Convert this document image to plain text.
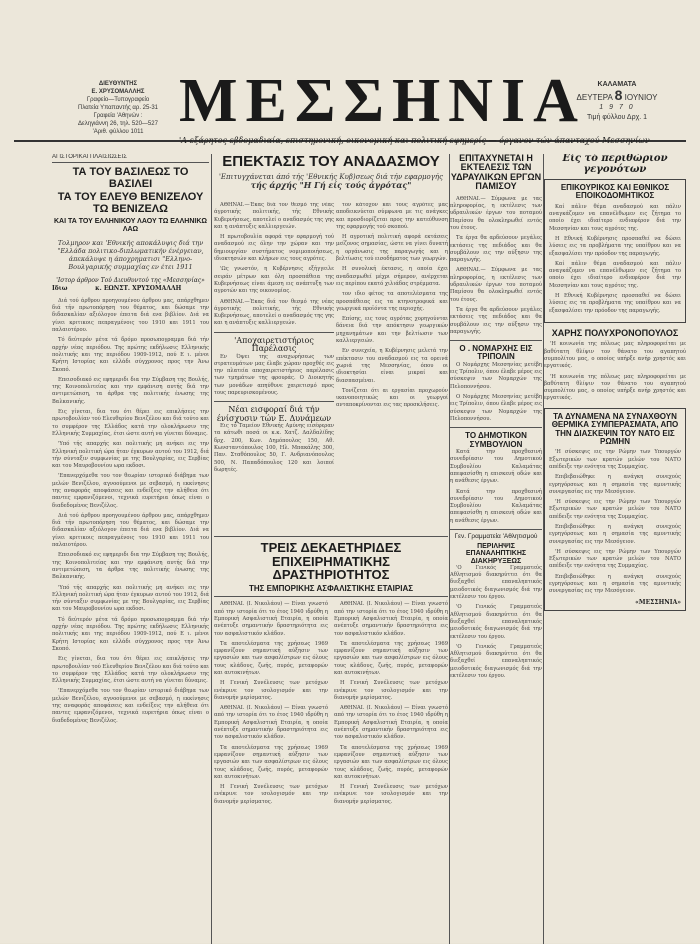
ΔΙΕΥΘΥΝΤΗΣ
Ε. ΧΡΥΣΟΜΑΛΛΗΣ
Γραφείο—Τυπογραφείο
Πλατεία Υπαπαντής αρ. 25-31
Γραφεία 'Αθηνών :
Δεληγιάννη 26, τηλ. 520—527
'Αριθ. φύλλου 1011 ΜΕΣΣΗΝΙΑ	ΚΑΛΑΜΑΤΑ
ΔΕΥΤΕΡΑ 8 ΙΟΥΝΙΟΥ
1 9 7 0
Τιμή φύλλου Δρχ. 1
'Α-εξάρητος εβδομαδιαία, επιστημονική, οικονομική και πολιτική εφημερίς — όργανον τών άπανταχού Μεσσηνίων
ΑΙ ΙΣΤΟΡΙΚΑΙ ΠΛΑΙΣΙΩΣΕΙΣ
ΤΑ ΤΟΥ ΒΑΣΙΛΕΩΣ ΤΟ ΒΑΣΙΛΕΙ
ΤΑ ΤΟΥ ΕΛΕΥΘ ΒΕΝΙΖΕΛΟΥ ΤΩ ΒΕΝΙΖΕΛΩ
ΚΑΙ ΤΑ ΤΟΥ ΕΛΛΗΝΙΚΟΥ ΛΑΟΥ ΤΩ ΕΛΛΗΝΙΚΩ ΛΑΩ
Τολμηρον και 'Εθνικής αποκάλυψις διά την "Ελλάδα πολιτικο-διπλωματικήν ένέργειαν, άπεκάλυψε η άποχρηματισι "Ελληνο-Βουλγαρικής συμμαχίας εν έτει 1911
'Ιστορ άρθρον Τού Διευθυντού της «Μεσσηνίας»
Ιδιω	κ. ΕΩΝΣΤ. ΧΡΥΣΟΜΑΛΛΗ

Διά τού άρθρου προηγουμένου άρθρου μας, απάρχθημεν διά τήν πρωτοπόρηση του θέματος, και δώσαμε την διδασκαλίαν αξιόλογον έπειτα διά ενα βιβλίον. Διά να γίνει κριτικοις πεπραγμένοις του 1910 και 1911 του παλαιοτέρου.

Τό δεύτερόν μέτα τά δρόμο προσωπογραμμα διά τήν αρχήν νέας περιόδου. Της πρώτης εκδήλωσις Ελληνικής πολιτικής και της περιόδου 1909-1912, πού Ε ι. μένοι Κρήτη Ιστορίας και ελλάδι σύγχρονος προς την Άνω Σκοπό.

Επεισοδιακό εις εφημεριδι δια την Σύμβαση της Βουλής, της Κοινοπολιτείας και την εμφάνιση αυτής διά την αντιμετώπιση, τα άρθρα της πολιτικής ένωσης της Βαλκανικής.

Εις γίνεται, δια του ότι θέρει εις επικλήσεις την πρωτοβουλίαν τού Ελευθερίου Βενιζέλου και διά τούτο και το συμφέρον της Ελλάδος κατά την ολοκλήρωσιν της Ελληνικής Συμμαχίας, έτσι ώστε αυτή να γίνεται δύναμις.

'Υπό τής απαρχής και πολιτικής μη ανήκει εις την Ελληνική πολιτική ώρα ήταν έγκυρων αυτού του 1912, διά τήν σύνταξιν συμφωνίας με της Βουλγαρίας, εις Σερβίας και του Μαυροβουνίου ωρα εκδοσι.

'Επανερχόμεθα του τον θεωρίαν ιστορικό διάβημα των μελών Βενιζέλου, αγνοούμενοι με σεβασμό, η εκκίνησις της αναφοράς αποφάσεις και ενδείξεις την αλήθεια ότι παντες εμφανιζόμενοι, τεχνικά ευρετήρια όπως είναι ο διαδεδομένος Βενιζέλος.

Διά τού άρθρου προηγουμένου άρθρου μας, απάρχθημεν διά τήν πρωτοπόρηση του θέματος, και δώσαμε την διδασκαλίαν αξιόλογον έπειτα διά ενα βιβλίον. Διά να γίνει κριτικοις πεπραγμένοις του 1910 και 1911 του παλαιοτέρου.

Επεισοδιακό εις εφημεριδι δια την Σύμβαση της Βουλής, της Κοινοπολιτείας και την εμφάνιση αυτής διά την αντιμετώπιση, τα άρθρα της πολιτικής ένωσης της Βαλκανικής.

'Υπό τής απαρχής και πολιτικής μη ανήκει εις την Ελληνική πολιτική ώρα ήταν έγκυρων αυτού του 1912, διά τήν σύνταξιν συμφωνίας με της Βουλγαρίας, εις Σερβίας και του Μαυροβουνίου ωρα εκδοσι.

Τό δεύτερόν μέτα τά δρόμο προσωπογραμμα διά τήν αρχήν νέας περιόδου. Της πρώτης εκδήλωσις Ελληνικής πολιτικής και της περιόδου 1909-1912, πού Ε ι. μένοι Κρήτη Ιστορίας και ελλάδι σύγχρονος προς την Άνω Σκοπό.

Εις γίνεται, δια του ότι θέρει εις επικλήσεις την πρωτοβουλίαν τού Ελευθερίου Βενιζέλου και διά τούτο και το συμφέρον της Ελλάδος κατά την ολοκλήρωσιν της Ελληνικής Συμμαχίας, έτσι ώστε αυτή να γίνεται δύναμις.

'Επανερχόμεθα του τον θεωρίαν ιστορικό διάβημα των μελών Βενιζέλου, αγνοούμενοι με σεβασμό, η εκκίνησις της αναφοράς αποφάσεις και ενδείξεις την αλήθεια ότι παντες εμφανιζόμενοι, τεχνικά ευρετήρια όπως είναι ο διαδεδομένος Βενιζέλος.

ΕΠΕΚΤΑΣΙΣ ΤΟΥ ΑΝΑΔΑΣΜΟΥ
'Επιτυγχάνεται άπό τής 'Εθνικής Κυβ)σεως διά τήν εφαρμογής
τής άρχής "Η Γή είς τούς άγρότας"

ΑΘΗΝΑΙ.—Έκας διά τον θεσμό της νέας άγροτικής πολιτικής, τής Εθνικής Κυβερνήσεως, αποτελεί ο αναδασμός της γης και η ανάπτυξις καλλιεργειών.

Η πρωτοβουλία αφορά την εφαρμογή τού αναδασμού εις όλην την χώραν και την δημιουργίαν συστήματος νομιμοποιήσεως, ιδιοκτησιών και κλήρων εις τους αγρότες.

'Ως γνωστόν, η Κυβέρνησις εξήγγειλε σειράν μέτρων και όλη προσπάθεια της Κυβερνήσεως είναι άμεση εις ανάπτυξη των αγροτών και της οικονομίας.

ΑΘΗΝΑΙ.—Έκας διά τον θεσμό της νέας άγροτικής πολιτικής, τής Εθνικής Κυβερνήσεως, αποτελεί ο αναδασμός της γης και η ανάπτυξις καλλιεργειών.

'Αποχαιρετιστήριος Παρέλασις

Εν Όψει της αναχωρήσεως των στρατευμάτων μας έλαβε χώραν προχθές εις την πλατεία αποχαιρετιστήριος παρέλασις των τμημάτων της φρουράς. Ο Διοικητής των μονάδων απηύθυνε χαιρετισμό προς τους παρευρισκομένους.

Νέαι εισφοραί διά τήν ένίσχυσιν τών Ε. Δυνάμεων

Εις τό Ταμείον Εθνικής Αμύνης εισέφεραν τα κάτωθι ποσά οι κ.κ. Χατζ. Δαλδαλίδης δρχ. 200, Κων. Δημόπουλος 150, Αθ. Κωνσταντόπουλος 100, Ηλ. Μπακάλης 300, Παν. Σταθόπουλος 50, Γ. Ανδριανόπουλος 500, Ν. Παπαδόπουλος 120 και λοιποί δωρητές.

τον κάτοχον και τους αγρότες μας αποδεικνύεται σύμφωνα με τις ανάγκες και προσδιορίζεται προς την κατεύθυνση της εφαρμογής τού σκοπού.

Η αγροτική πολιτική αφορά εκτάσεις μείζονος σημασίας, ώστε να γίνει δυνατή η οργάνωσις της παραγωγής και η βελτίωσις τού εισοδήματος των γεωργών.

Η συνολική έκτασις, η οποία έχει αναδασμωθεί μέχρι σήμερον, ανέρχεται εις περίπου εκατό χιλιάδας στρέμματα.

τον ιδιο φέτος τα αποτελέσματα της προσπάθειας εις τα κτηνοτροφικά και γεωργικά προϊόντα της περιοχής.

Επίσης, εις τους αγρότας χορηγούνται δάνεια διά την απόκτησιν γεωργικών μηχανημάτων και την βελτίωσιν των καλλιεργειών.

Εν συνεχεία, η Κυβέρνησις μελετά την επέκτασιν του αναδασμού εις τα ορεινά χωριά της Μεσσηνίας, όπου οι ιδιοκτησίαι είναι μικραί και διασπασμέναι.

Τονίζεται ότι αι εργασίαι προχωρούν ικανοποιητικώς και οι γεωργοί ανταποκρίνονται εις τας προσκλήσεις.

ΤΡΕΙΣ ΔΕΚΑΕΤΗΡΙΔΕΣ ΕΠΙΧΕΙΡΗΜΑΤΙΚΗΣ ΔΡΑΣΤΗΡΙΟΤΗΤΟΣ
ΤΗΣ ΕΜΠΟΡΙΚΗΣ ΑΣΦΑΛΙΣΤΙΚΗΣ ΕΤΑΙΡΙΑΣ

ΑΘΗΝΑΙ. (Ι. Νικολάου) — Είναι γνωστό από την ιστορία ότι το έτος 1940 ιδρύθη η Εμπορική Ασφαλιστική Εταιρία, η οποία ανέπτυξε σημαντικήν δραστηριότητα εις τον ασφαλιστικόν κλάδον.

Τα αποτελέσματα της χρήσεως 1969 εμφανίζουν σημαντική αύξησιν των εργασιών και των ασφαλίστρων εις όλους τους κλάδους, ζωής, πυρός, μεταφορών και αυτοκινήτων.

Η Γενική Συνέλευσις των μετόχων ενέκρινε τον ισολογισμόν και την διανομήν μερίσματος.

ΑΘΗΝΑΙ. (Ι. Νικολάου) — Είναι γνωστό από την ιστορία ότι το έτος 1940 ιδρύθη η Εμπορική Ασφαλιστική Εταιρία, η οποία ανέπτυξε σημαντικήν δραστηριότητα εις τον ασφαλιστικόν κλάδον.

Τα αποτελέσματα της χρήσεως 1969 εμφανίζουν σημαντική αύξησιν των εργασιών και των ασφαλίστρων εις όλους τους κλάδους, ζωής, πυρός, μεταφορών και αυτοκινήτων.

Η Γενική Συνέλευσις των μετόχων ενέκρινε τον ισολογισμόν και την διανομήν μερίσματος.

ΑΘΗΝΑΙ. (Ι. Νικολάου) — Είναι γνωστό από την ιστορία ότι το έτος 1940 ιδρύθη η Εμπορική Ασφαλιστική Εταιρία, η οποία ανέπτυξε σημαντικήν δραστηριότητα εις τον ασφαλιστικόν κλάδον.

Τα αποτελέσματα της χρήσεως 1969 εμφανίζουν σημαντική αύξησιν των εργασιών και των ασφαλίστρων εις όλους τους κλάδους, ζωής, πυρός, μεταφορών και αυτοκινήτων.

Η Γενική Συνέλευσις των μετόχων ενέκρινε τον ισολογισμόν και την διανομήν μερίσματος.

ΑΘΗΝΑΙ. (Ι. Νικολάου) — Είναι γνωστό από την ιστορία ότι το έτος 1940 ιδρύθη η Εμπορική Ασφαλιστική Εταιρία, η οποία ανέπτυξε σημαντικήν δραστηριότητα εις τον ασφαλιστικόν κλάδον.

Τα αποτελέσματα της χρήσεως 1969 εμφανίζουν σημαντική αύξησιν των εργασιών και των ασφαλίστρων εις όλους τους κλάδους, ζωής, πυρός, μεταφορών και αυτοκινήτων.

Η Γενική Συνέλευσις των μετόχων ενέκρινε τον ισολογισμόν και την διανομήν μερίσματος.

ΕΠΙΤΑΧΥΝΕΤΑΙ Η ΕΚΤΕΛΕΣΙΣ ΤΩΝ ΥΔΡΑΥΛΙΚΩΝ ΕΡΓΩΝ ΠΑΜΙΣΟΥ

ΑΘΗΝΑΙ.— Σύμφωνα με τας πληροφορίας, η εκτέλεσις των υδραυλικών έργων του ποταμού Παμίσου θα ολοκληρωθεί εντός του έτους.

Τα έργα θα αρδεύσουν μεγάλες εκτάσεις της πεδιάδος και θα συμβάλουν εις την αύξησιν της παραγωγής.

ΑΘΗΝΑΙ.— Σύμφωνα με τας πληροφορίας, η εκτέλεσις των υδραυλικών έργων του ποταμού Παμίσου θα ολοκληρωθεί εντός του έτους.

Τα έργα θα αρδεύσουν μεγάλες εκτάσεις της πεδιάδος και θα συμβάλουν εις την αύξησιν της παραγωγής.

Ο . ΝΟΜΑΡΧΗΣ ΕΙΣ ΤΡΙΠΟΛΙΝ

Ο Νομάρχης Μεσσηνίας μετέβη εις Τρίπολιν, όπου έλαβε μέρος εις σύσκεψιν των Νομαρχών της Πελοποννήσου.

Ο Νομάρχης Μεσσηνίας μετέβη εις Τρίπολιν, όπου έλαβε μέρος εις σύσκεψιν των Νομαρχών της Πελοποννήσου.

ΤΟ ΔΗΜΟΤΙΚΟΝ ΣΥΜΒΟΥΛΙΟΝ

Κατά την προχθεσινή συνεδρίασιν του Δημοτικού Συμβουλίου Καλαμάτας απεφασίσθη η επισκευή οδών και η ανάθεσις έργων.

Κατά την προχθεσινή συνεδρίασιν του Δημοτικού Συμβουλίου Καλαμάτας απεφασίσθη η επισκευή οδών και η ανάθεσις έργων.

Γεν. Γραμματεία 'Αθλητισμού
ΠΕΡΙΛΗΨΙΣ ΕΠΑΝΑΛΗΠΤΙΚΗΣ ΔΙΑΚΗΡΥΞΕΩΣ

'Ο Γενικός Γραμματεύς Αθλητισμού διακηρύττει ότι θα διεξαχθεί επαναληπτικός μειοδοτικός διαγωνισμός διά την εκτέλεσιν του έργου.

'Ο Γενικός Γραμματεύς Αθλητισμού διακηρύττει ότι θα διεξαχθεί επαναληπτικός μειοδοτικός διαγωνισμός διά την εκτέλεσιν του έργου.

'Ο Γενικός Γραμματεύς Αθλητισμού διακηρύττει ότι θα διεξαχθεί επαναληπτικός μειοδοτικός διαγωνισμός διά την εκτέλεσιν του έργου.

Είς τό περιθώριον γεγονότων
ΕΠΙΚΟΥΡΙΚΟΣ ΚΑΙ ΕΘΝΙΚΟΣ ΕΠΟΙΚΟΔΟΜΗΤΙΚΟΣ

Καί πάλιν θέμα αναδασμού και πάλιν αναγκάζομεν να επανέλθωμεν εις ζήτημα το οποίο έχει ιδιαίτερο ενδιαφέρον διά την Μεσσηνίαν και τους αγρότες της.

Η Εθνική Κυβέρνησις προσπαθεί να δώσει λύσεις εις τα προβλήματα της υπαίθρου και να εξασφαλίσει την πρόοδον της παραγωγής.

Καί πάλιν θέμα αναδασμού και πάλιν αναγκάζομεν να επανέλθωμεν εις ζήτημα το οποίο έχει ιδιαίτερο ενδιαφέρον διά την Μεσσηνίαν και τους αγρότες της.

Η Εθνική Κυβέρνησις προσπαθεί να δώσει λύσεις εις τα προβλήματα της υπαίθρου και να εξασφαλίσει την πρόοδον της παραγωγής.

ΧΑΡΗΣ ΠΟΛΥΧΡΟΝΟΠΟΥΛΟΣ

'Η κοινωνία της πόλεως μας πληροφορείται με βαθύτατη θλίψιν τον θάνατο του αγαπητού συμπολίτου μας, ο οποίος υπήρξε ανήρ χρηστός και εργατικός.

'Η κοινωνία της πόλεως μας πληροφορείται με βαθύτατη θλίψιν τον θάνατο του αγαπητού συμπολίτου μας, ο οποίος υπήρξε ανήρ χρηστός και εργατικός.

ΤΑ ΔΥΝΑΜΕΝΑ ΝΑ ΣΥΝΑΧΘΟΥΝ ΘΕΡΜΙΚΑ ΣΥΜΠΕΡΑΣΜΑΤΑ, ΑΠΟ ΤΗΝ ΔΙΑΣΚΕΨΙΝ ΤΟΥ ΝΑΤΟ ΕΙΣ ΡΩΜΗΝ

'Η σύσκεψις εις την Ρώμην των Υπουργών Εξωτερικών των κρατών μελών του ΝΑΤΟ απέδειξε την ενότητα της Συμμαχίας.

Επιβεβαιώθηκε η ανάγκη συνεχούς εγρηγόρσεως και η σημασία της αμυντικής συνεργασίας εις την Μεσόγειον.

'Η σύσκεψις εις την Ρώμην των Υπουργών Εξωτερικών των κρατών μελών του ΝΑΤΟ απέδειξε την ενότητα της Συμμαχίας.

Επιβεβαιώθηκε η ανάγκη συνεχούς εγρηγόρσεως και η σημασία της αμυντικής συνεργασίας εις την Μεσόγειον.

'Η σύσκεψις εις την Ρώμην των Υπουργών Εξωτερικών των κρατών μελών του ΝΑΤΟ απέδειξε την ενότητα της Συμμαχίας.

Επιβεβαιώθηκε η ανάγκη συνεχούς εγρηγόρσεως και η σημασία της αμυντικής συνεργασίας εις την Μεσόγειον.

«ΜΕΣΣΗΝΙΑ»
